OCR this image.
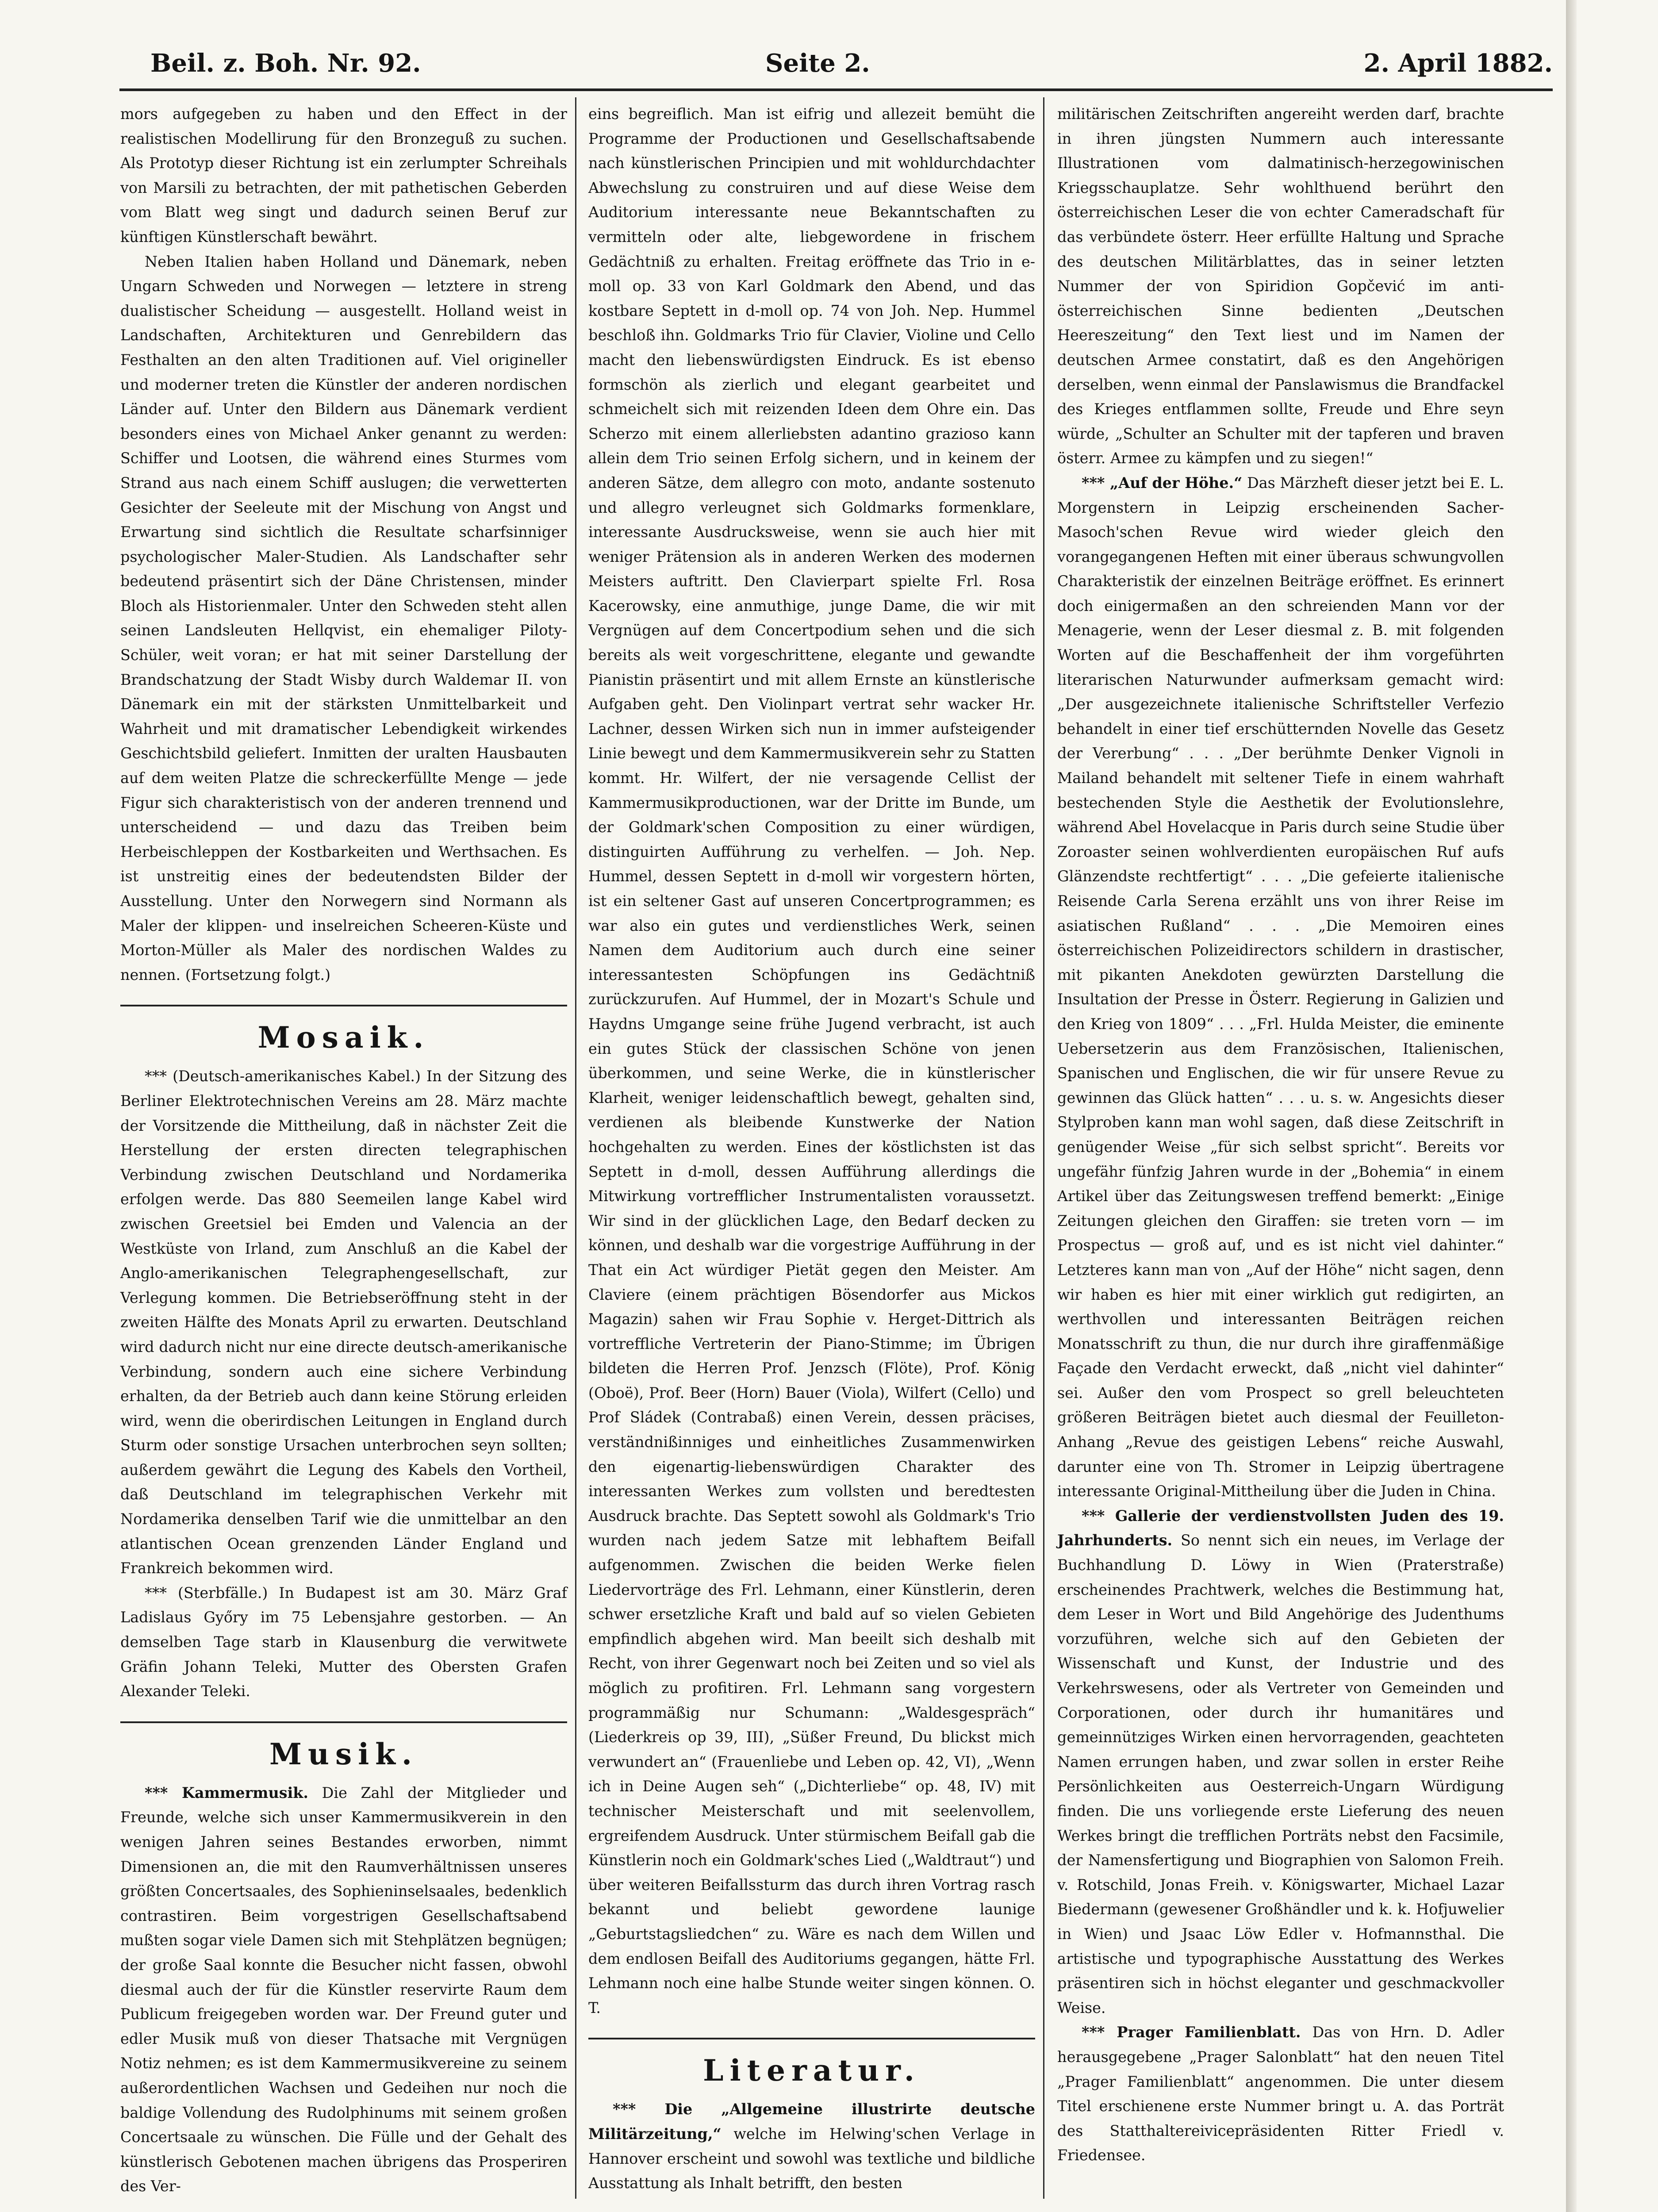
Beil. z. Boh. Nr. 92.	Seite 2.	2. April 1882.

mors aufgegeben zu haben und den Effect in der realistischen Modellirung für den Bronzeguß zu suchen. Als Prototyp dieser Richtung ist ein zerlumpter Schreihals von Marsili zu betrachten, der mit pathetischen Geberden vom Blatt weg singt und dadurch seinen Beruf zur künftigen Künstlerschaft bewährt.

Neben Italien haben Holland und Dänemark, neben Ungarn Schweden und Norwegen — letztere in streng dualistischer Scheidung — ausgestellt. Holland weist in Landschaften, Architekturen und Genrebildern das Festhalten an den alten Traditionen auf. Viel origineller und moderner treten die Künstler der anderen nordischen Länder auf. Unter den Bildern aus Dänemark verdient besonders eines von Michael Anker genannt zu werden: Schiffer und Lootsen, die während eines Sturmes vom Strand aus nach einem Schiff auslugen; die verwetterten Gesichter der Seeleute mit der Mischung von Angst und Erwartung sind sichtlich die Resultate scharfsinniger psychologischer Maler-Studien. Als Landschafter sehr bedeutend präsentirt sich der Däne Christensen, minder Bloch als Historienmaler. Unter den Schweden steht allen seinen Landsleuten Hellqvist, ein ehemaliger Piloty-Schüler, weit voran; er hat mit seiner Darstellung der Brandschatzung der Stadt Wisby durch Waldemar II. von Dänemark ein mit der stärksten Unmittelbarkeit und Wahrheit und mit dramatischer Lebendigkeit wirkendes Geschichtsbild geliefert. Inmitten der uralten Hausbauten auf dem weiten Platze die schreckerfüllte Menge — jede Figur sich charakteristisch von der anderen trennend und unterscheidend — und dazu das Treiben beim Herbeischleppen der Kostbarkeiten und Werthsachen. Es ist unstreitig eines der bedeutendsten Bilder der Ausstellung. Unter den Norwegern sind Normann als Maler der klippen- und inselreichen Scheeren-Küste und Morton-Müller als Maler des nordischen Waldes zu nennen. (Fortsetzung folgt.)

Mosaik.

*** (Deutsch-amerikanisches Kabel.) In der Sitzung des Berliner Elektrotechnischen Vereins am 28. März machte der Vorsitzende die Mittheilung, daß in nächster Zeit die Herstellung der ersten directen telegraphischen Verbindung zwischen Deutschland und Nordamerika erfolgen werde. Das 880 Seemeilen lange Kabel wird zwischen Greetsiel bei Emden und Valencia an der Westküste von Irland, zum Anschluß an die Kabel der Anglo-amerikanischen Telegraphengesellschaft, zur Verlegung kommen. Die Betriebseröffnung steht in der zweiten Hälfte des Monats April zu erwarten. Deutschland wird dadurch nicht nur eine directe deutsch-amerikanische Verbindung, sondern auch eine sichere Verbindung erhalten, da der Betrieb auch dann keine Störung erleiden wird, wenn die oberirdischen Leitungen in England durch Sturm oder sonstige Ursachen unterbrochen seyn sollten; außerdem gewährt die Legung des Kabels den Vortheil, daß Deutschland im telegraphischen Verkehr mit Nordamerika denselben Tarif wie die unmittelbar an den atlantischen Ocean grenzenden Länder England und Frankreich bekommen wird.

*** (Sterbfälle.) In Budapest ist am 30. März Graf Ladislaus Győry im 75 Lebensjahre gestorben. — An demselben Tage starb in Klausenburg die verwitwete Gräfin Johann Teleki, Mutter des Obersten Grafen Alexander Teleki.

Musik.

*** Kammermusik. Die Zahl der Mitglieder und Freunde, welche sich unser Kammermusikverein in den wenigen Jahren seines Bestandes erworben, nimmt Dimensionen an, die mit den Raumverhältnissen unseres größten Concertsaales, des Sophieninselsaales, bedenklich contrastiren. Beim vorgestrigen Gesellschaftsabend mußten sogar viele Damen sich mit Stehplätzen begnügen; der große Saal konnte die Besucher nicht fassen, obwohl diesmal auch der für die Künstler reservirte Raum dem Publicum freigegeben worden war. Der Freund guter und edler Musik muß von dieser Thatsache mit Vergnügen Notiz nehmen; es ist dem Kammermusikvereine zu seinem außerordentlichen Wachsen und Gedeihen nur noch die baldige Vollendung des Rudolphinums mit seinem großen Concertsaale zu wünschen. Die Fülle und der Gehalt des künstlerisch Gebotenen machen übrigens das Prosperiren des Ver-

eins begreiflich. Man ist eifrig und allezeit bemüht die Programme der Productionen und Gesellschaftsabende nach künstlerischen Principien und mit wohldurchdachter Abwechslung zu construiren und auf diese Weise dem Auditorium interessante neue Bekanntschaften zu vermitteln oder alte, liebgewordene in frischem Gedächtniß zu erhalten. Freitag eröffnete das Trio in e-moll op. 33 von Karl Goldmark den Abend, und das kostbare Septett in d-moll op. 74 von Joh. Nep. Hummel beschloß ihn. Goldmarks Trio für Clavier, Violine und Cello macht den liebenswürdigsten Eindruck. Es ist ebenso formschön als zierlich und elegant gearbeitet und schmeichelt sich mit reizenden Ideen dem Ohre ein. Das Scherzo mit einem allerliebsten adantino grazioso kann allein dem Trio seinen Erfolg sichern, und in keinem der anderen Sätze, dem allegro con moto, andante sostenuto und allegro verleugnet sich Goldmarks formenklare, interessante Ausdrucksweise, wenn sie auch hier mit weniger Prätension als in anderen Werken des modernen Meisters auftritt. Den Clavierpart spielte Frl. Rosa Kacerowsky, eine anmuthige, junge Dame, die wir mit Vergnügen auf dem Concertpodium sehen und die sich bereits als weit vorgeschrittene, elegante und gewandte Pianistin präsentirt und mit allem Ernste an künstlerische Aufgaben geht. Den Violinpart vertrat sehr wacker Hr. Lachner, dessen Wirken sich nun in immer aufsteigender Linie bewegt und dem Kammermusikverein sehr zu Statten kommt. Hr. Wilfert, der nie versagende Cellist der Kammermusikproductionen, war der Dritte im Bunde, um der Goldmark'schen Composition zu einer würdigen, distinguirten Aufführung zu verhelfen. — Joh. Nep. Hummel, dessen Septett in d-moll wir vorgestern hörten, ist ein seltener Gast auf unseren Concertprogrammen; es war also ein gutes und verdienstliches Werk, seinen Namen dem Auditorium auch durch eine seiner interessantesten Schöpfungen ins Gedächtniß zurückzurufen. Auf Hummel, der in Mozart's Schule und Haydns Umgange seine frühe Jugend verbracht, ist auch ein gutes Stück der classischen Schöne von jenen überkommen, und seine Werke, die in künstlerischer Klarheit, weniger leidenschaftlich bewegt, gehalten sind, verdienen als bleibende Kunstwerke der Nation hochgehalten zu werden. Eines der köstlichsten ist das Septett in d-moll, dessen Aufführung allerdings die Mitwirkung vortrefflicher Instrumentalisten voraussetzt. Wir sind in der glücklichen Lage, den Bedarf decken zu können, und deshalb war die vorgestrige Aufführung in der That ein Act würdiger Pietät gegen den Meister. Am Claviere (einem prächtigen Bösendorfer aus Mickos Magazin) sahen wir Frau Sophie v. Herget-Dittrich als vortreffliche Vertreterin der Piano-Stimme; im Übrigen bildeten die Herren Prof. Jenzsch (Flöte), Prof. König (Oboë), Prof. Beer (Horn) Bauer (Viola), Wilfert (Cello) und Prof Sládek (Contrabaß) einen Verein, dessen präcises, verständnißinniges und einheitliches Zusammenwirken den eigenartig-liebenswürdigen Charakter des interessanten Werkes zum vollsten und beredtesten Ausdruck brachte. Das Septett sowohl als Goldmark's Trio wurden nach jedem Satze mit lebhaftem Beifall aufgenommen. Zwischen die beiden Werke fielen Liedervorträge des Frl. Lehmann, einer Künstlerin, deren schwer ersetzliche Kraft und bald auf so vielen Gebieten empfindlich abgehen wird. Man beeilt sich deshalb mit Recht, von ihrer Gegenwart noch bei Zeiten und so viel als möglich zu profitiren. Frl. Lehmann sang vorgestern programmäßig nur Schumann: „Waldesgespräch“ (Liederkreis op 39, III), „Süßer Freund, Du blickst mich verwundert an“ (Frauenliebe und Leben op. 42, VI), „Wenn ich in Deine Augen seh“ („Dichterliebe“ op. 48, IV) mit technischer Meisterschaft und mit seelenvollem, ergreifendem Ausdruck. Unter stürmischem Beifall gab die Künstlerin noch ein Goldmark'sches Lied („Waldtraut“) und über weiteren Beifallssturm das durch ihren Vortrag rasch bekannt und beliebt gewordene launige „Geburtstagsliedchen“ zu. Wäre es nach dem Willen und dem endlosen Beifall des Auditoriums gegangen, hätte Frl. Lehmann noch eine halbe Stunde weiter singen können. O. T.

Literatur.

*** Die „Allgemeine illustrirte deutsche Militärzeitung,“ welche im Helwing'schen Verlage in Hannover erscheint und sowohl was textliche und bildliche Ausstattung als Inhalt betrifft, den besten

militärischen Zeitschriften angereiht werden darf, brachte in ihren jüngsten Nummern auch interessante Illustrationen vom dalmatinisch-herzegowinischen Kriegsschauplatze. Sehr wohlthuend berührt den österreichischen Leser die von echter Cameradschaft für das verbündete österr. Heer erfüllte Haltung und Sprache des deutschen Militärblattes, das in seiner letzten Nummer der von Spiridion Gopčević im anti-österreichischen Sinne bedienten „Deutschen Heereszeitung“ den Text liest und im Namen der deutschen Armee constatirt, daß es den Angehörigen derselben, wenn einmal der Panslawismus die Brandfackel des Krieges entflammen sollte, Freude und Ehre seyn würde, „Schulter an Schulter mit der tapferen und braven österr. Armee zu kämpfen und zu siegen!“

*** „Auf der Höhe.“ Das Märzheft dieser jetzt bei E. L. Morgenstern in Leipzig erscheinenden Sacher-Masoch'schen Revue wird wieder gleich den vorangegangenen Heften mit einer überaus schwungvollen Charakteristik der einzelnen Beiträge eröffnet. Es erinnert doch einigermaßen an den schreienden Mann vor der Menagerie, wenn der Leser diesmal z. B. mit folgenden Worten auf die Beschaffenheit der ihm vorgeführten literarischen Naturwunder aufmerksam gemacht wird: „Der ausgezeichnete italienische Schriftsteller Verfezio behandelt in einer tief erschütternden Novelle das Gesetz der Vererbung“ . . . „Der berühmte Denker Vignoli in Mailand behandelt mit seltener Tiefe in einem wahrhaft bestechenden Style die Aesthetik der Evolutionslehre, während Abel Hovelacque in Paris durch seine Studie über Zoroaster seinen wohlverdienten europäischen Ruf aufs Glänzendste rechtfertigt“ . . . „Die gefeierte italienische Reisende Carla Serena erzählt uns von ihrer Reise im asiatischen Rußland“ . . . „Die Memoiren eines österreichischen Polizeidirectors schildern in drastischer, mit pikanten Anekdoten gewürzten Darstellung die Insultation der Presse in Österr. Regierung in Galizien und den Krieg von 1809“ . . . „Frl. Hulda Meister, die eminente Uebersetzerin aus dem Französischen, Italienischen, Spanischen und Englischen, die wir für unsere Revue zu gewinnen das Glück hatten“ . . . u. s. w. Angesichts dieser Stylproben kann man wohl sagen, daß diese Zeitschrift in genügender Weise „für sich selbst spricht“. Bereits vor ungefähr fünfzig Jahren wurde in der „Bohemia“ in einem Artikel über das Zeitungswesen treffend bemerkt: „Einige Zeitungen gleichen den Giraffen: sie treten vorn — im Prospectus — groß auf, und es ist nicht viel dahinter.“ Letzteres kann man von „Auf der Höhe“ nicht sagen, denn wir haben es hier mit einer wirklich gut redigirten, an werthvollen und interessanten Beiträgen reichen Monatsschrift zu thun, die nur durch ihre giraffenmäßige Façade den Verdacht erweckt, daß „nicht viel dahinter“ sei. Außer den vom Prospect so grell beleuchteten größeren Beiträgen bietet auch diesmal der Feuilleton-Anhang „Revue des geistigen Lebens“ reiche Auswahl, darunter eine von Th. Stromer in Leipzig übertragene interessante Original-Mittheilung über die Juden in China.

*** Gallerie der verdienstvollsten Juden des 19. Jahrhunderts. So nennt sich ein neues, im Verlage der Buchhandlung D. Löwy in Wien (Praterstraße) erscheinendes Prachtwerk, welches die Bestimmung hat, dem Leser in Wort und Bild Angehörige des Judenthums vorzuführen, welche sich auf den Gebieten der Wissenschaft und Kunst, der Industrie und des Verkehrswesens, oder als Vertreter von Gemeinden und Corporationen, oder durch ihr humanitäres und gemeinnütziges Wirken einen hervorragenden, geachteten Namen errungen haben, und zwar sollen in erster Reihe Persönlichkeiten aus Oesterreich-Ungarn Würdigung finden. Die uns vorliegende erste Lieferung des neuen Werkes bringt die trefflichen Porträts nebst den Facsimile, der Namensfertigung und Biographien von Salomon Freih. v. Rotschild, Jonas Freih. v. Königswarter, Michael Lazar Biedermann (gewesener Großhändler und k. k. Hofjuwelier in Wien) und Jsaac Löw Edler v. Hofmannsthal. Die artistische und typographische Ausstattung des Werkes präsentiren sich in höchst eleganter und geschmackvoller Weise.

*** Prager Familienblatt. Das von Hrn. D. Adler herausgegebene „Prager Salonblatt“ hat den neuen Titel „Prager Familienblatt“ angenommen. Die unter diesem Titel erschienene erste Nummer bringt u. A. das Porträt des Statthaltereivicepräsidenten Ritter Friedl v. Friedensee.
